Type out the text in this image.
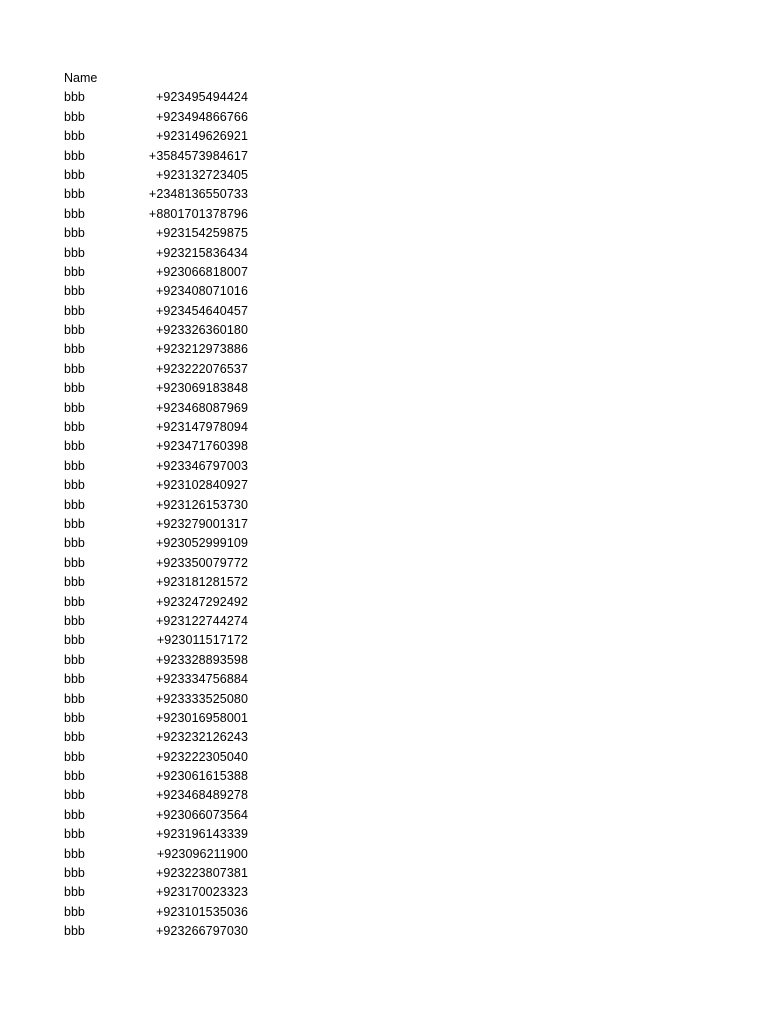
Name
bbb	+923495494424
bbb	+923494866766
bbb	+923149626921
bbb	+3584573984617
bbb	+923132723405
bbb	+2348136550733
bbb	+8801701378796
bbb	+923154259875
bbb	+923215836434
bbb	+923066818007
bbb	+923408071016
bbb	+923454640457
bbb	+923326360180
bbb	+923212973886
bbb	+923222076537
bbb	+923069183848
bbb	+923468087969
bbb	+923147978094
bbb	+923471760398
bbb	+923346797003
bbb	+923102840927
bbb	+923126153730
bbb	+923279001317
bbb	+923052999109
bbb	+923350079772
bbb	+923181281572
bbb	+923247292492
bbb	+923122744274
bbb	+923011517172
bbb	+923328893598
bbb	+923334756884
bbb	+923333525080
bbb	+923016958001
bbb	+923232126243
bbb	+923222305040
bbb	+923061615388
bbb	+923468489278
bbb	+923066073564
bbb	+923196143339
bbb	+923096211900
bbb	+923223807381
bbb	+923170023323
bbb	+923101535036
bbb	+923266797030
